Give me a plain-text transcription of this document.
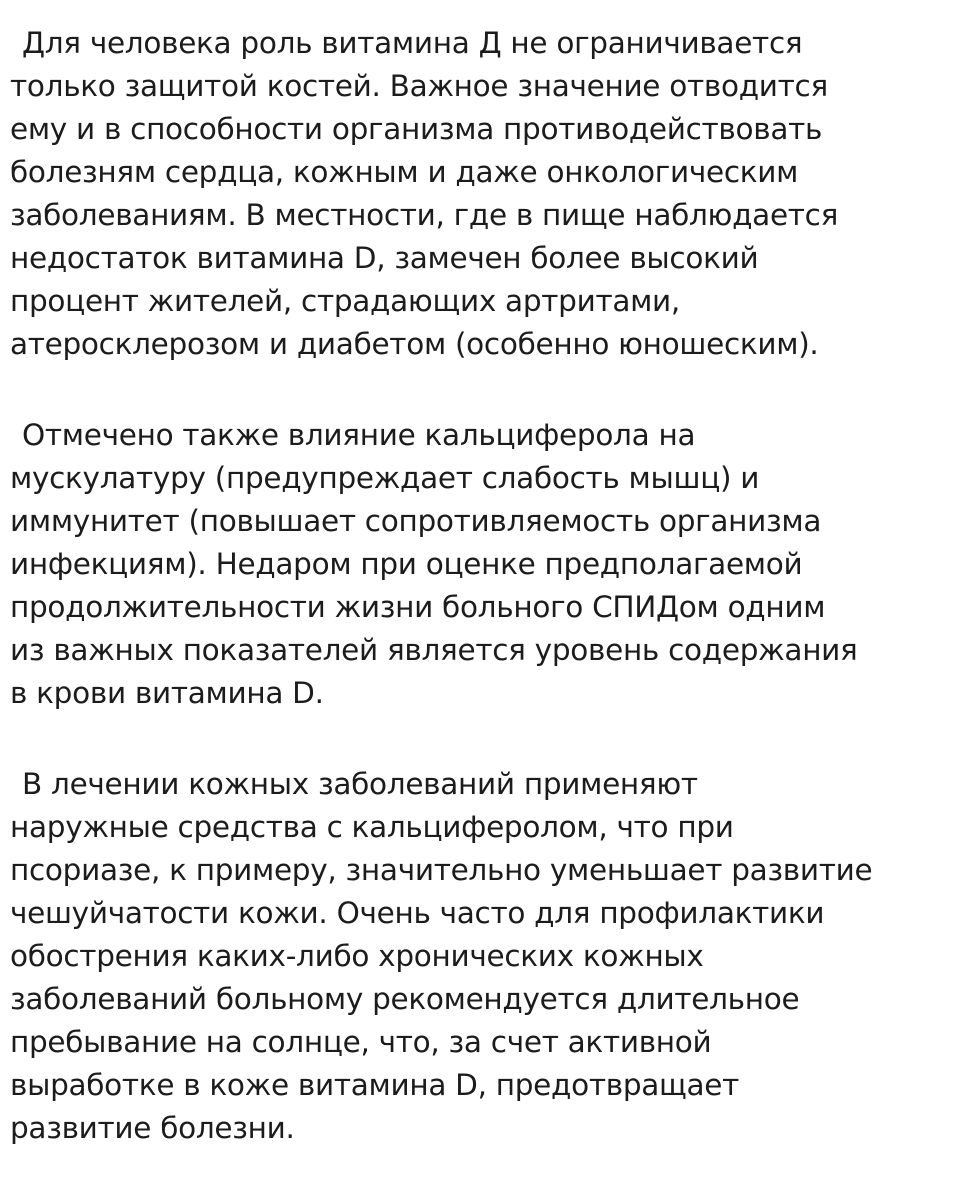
Для человека роль витамина Д не ограничивается
только защитой костей. Важное значение отводится
ему и в способности организма противодействовать
болезням сердца, кожным и даже онкологическим
заболеваниям. В местности, где в пище наблюдается
недостаток витамина D, замечен более высокий
процент жителей, страдающих артритами,
атеросклерозом и диабетом (особенно юношеским).
Отмечено также влияние кальциферола на
мускулатуру (предупреждает слабость мышц) и
иммунитет (повышает сопротивляемость организма
инфекциям). Недаром при оценке предполагаемой
продолжительности жизни больного СПИДом одним
из важных показателей является уровень содержания
в крови витамина D.
В лечении кожных заболеваний применяют
наружные средства с кальциферолом, что при
псориазе, к примеру, значительно уменьшает развитие
чешуйчатости кожи. Очень часто для профилактики
обострения каких-либо хронических кожных
заболеваний больному рекомендуется длительное
пребывание на солнце, что, за счет активной
выработке в коже витамина D, предотвращает
развитие болезни.
